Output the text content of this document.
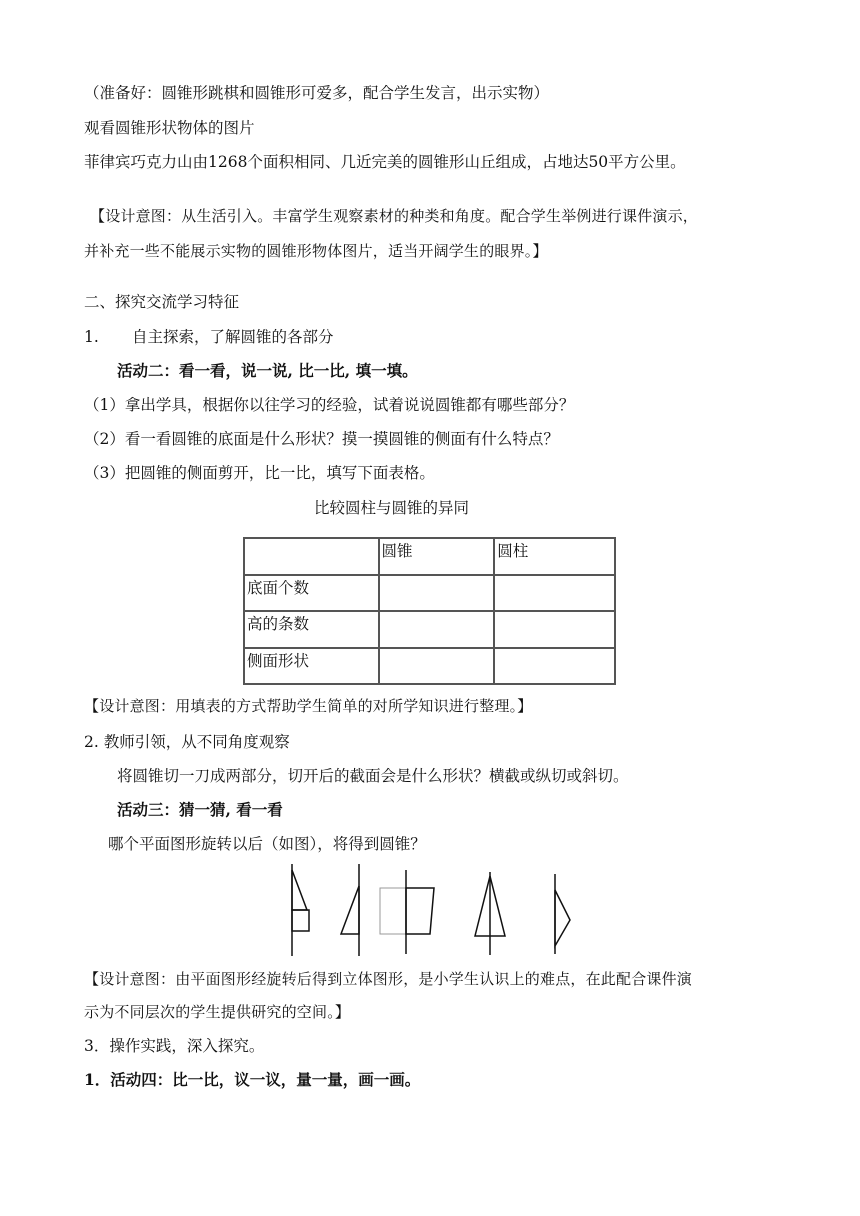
（准备好：圆锥形跳棋和圆锥形可爱多，配合学生发言，出示实物）
观看圆锥形状物体的图片
菲律宾巧克力山由1268个面积相同、几近完美的圆锥形山丘组成，占地达50平方公里。
【设计意图：从生活引入。丰富学生观察素材的种类和角度。配合学生举例进行课件演示，
并补充一些不能展示实物的圆锥形物体图片，适当开阔学生的眼界。】
二、探究交流学习特征
1. 自主探索，了解圆锥的各部分
活动二：看一看，说一说, 比一比, 填一填。
（1）拿出学具，根据你以往学习的经验，试着说说圆锥都有哪些部分？
（2）看一看圆锥的底面是什么形状？摸一摸圆锥的侧面有什么特点？
（3）把圆锥的侧面剪开，比一比，填写下面表格。
比较圆柱与圆锥的异同
	圆锥	圆柱
底面个数		
高的条数		
侧面形状		
【设计意图：用填表的方式帮助学生简单的对所学知识进行整理。】
2. 教师引领，从不同角度观察
将圆锥切一刀成两部分，切开后的截面会是什么形状？横截或纵切或斜切。
活动三：猜一猜, 看一看
哪个平面图形旋转以后（如图），将得到圆锥？
【设计意图：由平面图形经旋转后得到立体图形，是小学生认识上的难点，在此配合课件演
示为不同层次的学生提供研究的空间。】
3．操作实践，深入探究。
1．活动四：比一比，议一议，量一量，画一画。
